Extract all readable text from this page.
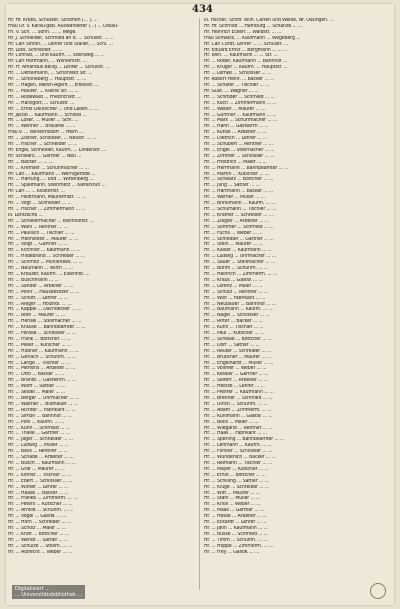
434
Hr. Hr. Krebs, Schuster, Schöffen (... ), ...
Frau Dr. v. Karau-geb. Auswanderer (...) ... Ossau-
Frl. v. Sch. ... Sohn. ... ... Wege.
Hr. J. Schneider, Schmied an d. ... Schulstr. ... ...
Hr. Carl Simon, ... Lehrer und Staller, ... Schl. ...
Hr. Loss, Schneider. ... ...
Hr. Conrad, ... und Kaufm. ... Steinweg ... ...
Hr. Carl Hoffmann, ... Wilhelmstr. ...
Hr. Fr. Amandus Beilig ... Lehrer ... Schulstr. ...
Hr. ... Dettelmann, ... Schönfeld Str. ...
Hr. ... Schöneberg ... Hauptstr. ... ...
Hr. ... Hagen, Waren-Agent ... Eifelsstr. ...
Hr. ... Maurer, ... Kleine Str. ... ...
Hr. ... Rodewald ... Friedrichstr. ...
Hr. ... Hansgott, ... Schulstr. ...
Hr. ... Ernst Deutscher ... und Laden ... ...
Hr. Jacob ... Kaufmann ... Schloss ...
Hr. ... Loser, ... Müller ... Schl. ...
Hr. ... Wehner ... Brauerei ... ...
Frau v. ... Wilhelmsdorf ... Heim ...
Hr. ... Zöllner, Schlosser, ... Neustr. ... ...
Hr. ... Fischer ... Schneider ... ...
Hr. Engel, Schneider, Kaufm. ... Lindenstr. ...
Hr. Schwarz, ... Gärtner ... Neu ...
Hr. ... Bäcker ... ... ...
Hr. ... Kremser ... Schuhmacher ... ...
Hr. Carl ... Kaufmann ... Wernigerode ...
Hr. ... Hartung, ... und ... Wittenberg ...
Hr. ... Spielmann, Steinmetz ... Kiefersruh ...
Hr. Carl ... ... Klosterstr. ...
Hr. ... Feldtmann, Maurermstr. ... ...
Hr. ... Vogt ... Schneider ... ...
Hr. ... Fischer ... Zimmermann ... ...
III. Lentzsche ...
Hr. ... Schleiermacher ... Bahnhofstr. ...
Hr. ... Wahl ... Rentner ... ...
Hr. ... Paulisch ... Tischler ... ...
Hr. ... Helmstedt ... Maurer ... ...
Hr. ... Voigt ... Gärtner ... ...
Hr. ... Kirchner ... Kaufmann ... ...
Hr. ... Hildebrand ... Schreiber ... ...
Hr. ... Schmitz ... Mühlenbes. ... ...
Hr. ... Neumann ... Wirth ... ...
Hr. ... Kreuzer, Kaufm. ... Eisenhdl. ...
Hr. ... Buschmann ... ...
Hr. ... Sander ... Arbeiter ... ...
Hr. ... Mohr ... Hausbesitzer ... ...
Hr. ... Schott ... Lehrer ... ...
Hr. ... Rieger ... Holzhdl. ... ...
Hr. ... Kappel ... Dachdecker ... ...
Hr. ... Roth ... Maurer ... ...
Hr. ... Hensel ... Stellmacher ... ...
Hr. ... Krause ... Bahnbeamter ... ...
Hr. ... Fenske ... Schlosser ... ...
Hr. ... Frank ... Böttcher ... ...
Hr. ... Meier ... Kutscher ... ...
Hr. ... Hübner ... Kaufmann ... ...
Hr. ... Gerlach ... Schuhm. ... ...
Hr. ... Lange ... Tischler ... ...
Hr. ... Mertens ... Arbeiter ... ...
Hr. ... Otto ... Bäcker ... ...
Hr. ... Brandt ... Gastwirth ... ...
Hr. ... Wolff ... Sattler ... ...
Hr. ... Seidel ... Maler ... ...
Hr. ... Berger ... Uhrmacher ... ...
Hr. ... Walther ... Bildhauer ... ...
Hr. ... Richter ... Fabrikant ... ...
Hr. ... Simon ... Bahnhof ... ...
Hr. ... Pohl ... Kaufm. ... ...
Hr. ... Kühn ... Schmied ... ...
Hr. ... Thiele ... Gärtner ... ...
Hr. ... Jäger ... Schneider ... ...
Hr. ... Ludwig ... Müller ... ...
Hr. ... Beck ... Rentner ... ...
Hr. ... Schade ... Arbeiter ... ...
Hr. ... Busch ... Kaufmann ... ...
Hr. ... Graf ... Maurer ... ...
Hr. ... Körner ... Tischler ... ...
Hr. ... Ebert ... Schlosser ... ...
Hr. ... Winter ... Lehrer ... ...
Hr. ... Haase ... Bäcker ... ...
Hr. ... Franke ... Zimmerm. ... ...
Hr. ... Peters ... Kutscher ... ...
Hr. ... Arnold ... Schuhm. ... ...
Hr. ... Vogel ... Gastw. ... ...
Hr. ... Horn ... Schreiber ... ...
Hr. ... Scholz ... Maler ... ...
Hr. ... Kraft ... Böttcher ... ...
Hr. ... Wendt ... Sattler ... ...
Hr. ... Schulze ... Stellm. ... ...
Hr. ... Albrecht ... Weber ... ...
III. Fischer, Schiff. Wilh. Carlen und Weide, Nr. Ossingen. ...
Hr. Hr. Schmidt ... Hamburg ... Schanze ... ...
Hr. Heinrich Eckert ... Waldstr. ... ...
Frau Schwarz, ... Kaufmann ... Wegeberg ...
Hr. Carl Cordt, Lehrer ... ... Schulstr. ...
Hr. Eduard Ernst ... Bergmann ... ... ...
Hr. Wilh. ... Kaufmann ... ... Str. ...
Hr. ... Röder, Kaufmann ... Bahnhof ...
Hr. ... Krüger ... Kaufm. ... Hauptstr. ...
Hr. ... Lemke ... Schlosser ... ...
Hr. Robert Heinr. ... Bäcker ... ...
Hr. ... Schäfer ... Tischler ... ...
Hr. Gust. ... Wagner ... ...
Hr. ... Schröder ... Schmied ... ...
Hr. ... Koch ... Zimmermann ... ...
Hr. ... Weber ... Maurer ... ...
Hr. ... Günther ... Kaufmann ... ...
Hr. ... Marx ... Schuhmacher ... ...
Hr. ... Hahn ... Gastwirth ... ...
Hr. ... Kunze ... Arbeiter ... ...
Hr. ... Dietrich ... Lehrer ... ...
Hr. ... Schubert ... Rentner ... ...
Hr. ... Engel ... Stellmacher ... ...
Hr. ... Zimmer ... Schlosser ... ...
Hr. ... Friedrich ... Maler ... ...
Hr. ... Herrmann ... Bahnbeamter ... ...
Hr. ... Martin ... Kutscher ... ...
Hr. ... Schwarz ... Böttcher ... ...
Hr. ... Jung ... Sattler ... ...
Hr. ... Hartmann ... Bäcker ... ...
Hr. ... Werner ... Müller ... ...
Hr. ... Brinkmann ... Kaufm. ... ...
Hr. ... Schumann ... Tischler ... ...
Hr. ... Kramer ... Schreiber ... ...
Hr. ... Ziegler ... Arbeiter ... ...
Hr. ... Sommer ... Schmied ... ...
Hr. ... Fuchs ... Weber ... ...
Hr. ... Schreiber ... Gärtner ... ...
Hr. ... Stein ... Maurer ... ...
Hr. ... Kaiser ... Kaufmann ... ...
Hr. ... Ludwig ... Uhrmacher ... ...
Hr. ... Sauer ... Stellmacher ... ...
Hr. ... Böhm ... Schuhm. ... ...
Hr. ... Heinrich ... Zimmerm. ... ...
Hr. ... Kraus ... Gastw. ... ...
Hr. ... Lorenz ... Maler ... ...
Hr. ... Schütz ... Rentner ... ...
Hr. ... Wolf ... Fabrikant ... ...
Hr. ... Neubauer ... Bahnhof ... ...
Hr. ... Baumann ... Kaufm. ... ...
Hr. ... Nagel ... Schlosser ... ...
Hr. ... Ritter ... Bäcker ... ...
Hr. ... Kuhn ... Tischler ... ...
Hr. ... Paul ... Kutscher ... ...
Hr. ... Schwab ... Böttcher ... ...
Hr. ... Dörr ... Sattler ... ...
Hr. ... Reuter ... Schreiber ... ...
Hr. ... Brückner ... Maurer ... ...
Hr. ... Engelhardt ... Müller ... ...
Hr. ... Vollmer ... Weber ... ...
Hr. ... Kessler ... Gärtner ... ...
Hr. ... Seifert ... Arbeiter ... ...
Hr. ... Heinze ... Lehrer ... ...
Hr. ... Pfeiffer ... Kaufmann ... ...
Hr. ... Brenner ... Schmied ... ...
Hr. ... Ulrich ... Schuhm. ... ...
Hr. ... Adam ... Zimmerm. ... ...
Hr. ... Kuhlmann ... Gastw. ... ...
Hr. ... Bock ... Maler ... ...
Hr. ... Wiegand ... Rentner ... ...
Hr. ... Haas ... Fabrikant ... ...
Hr. ... Sperling ... Bahnbeamter ... ...
Hr. ... Lehmann ... Kaufm. ... ...
Hr. ... Förster ... Schlosser ... ...
Hr. ... Wunderlich ... Bäcker ... ...
Hr. ... Reimann ... Tischler ... ...
Hr. ... Mayer ... Kutscher ... ...
Hr. ... Ernst ... Böttcher ... ...
Hr. ... Schilling ... Sattler ... ...
Hr. ... Kluge ... Schreiber ... ...
Hr. ... Witt ... Maurer ... ...
Hr. ... Stahl ... Müller ... ...
Hr. ... Knoll ... Weber ... ...
Hr. ... Maas ... Gärtner ... ...
Hr. ... Hesse ... Arbeiter ... ...
Hr. ... Eckardt ... Lehrer ... ...
Hr. ... Jahn ... Kaufmann ... ...
Hr. ... Busse ... Schmied ... ...
Hr. ... Timm ... Schuhm. ... ...
Hr. ... Hoppe ... Zimmerm. ... ...
Hr. ... Frey ... Gastw. ... ...
Digitalisiert ...
... Universitätsbibliothek ...
